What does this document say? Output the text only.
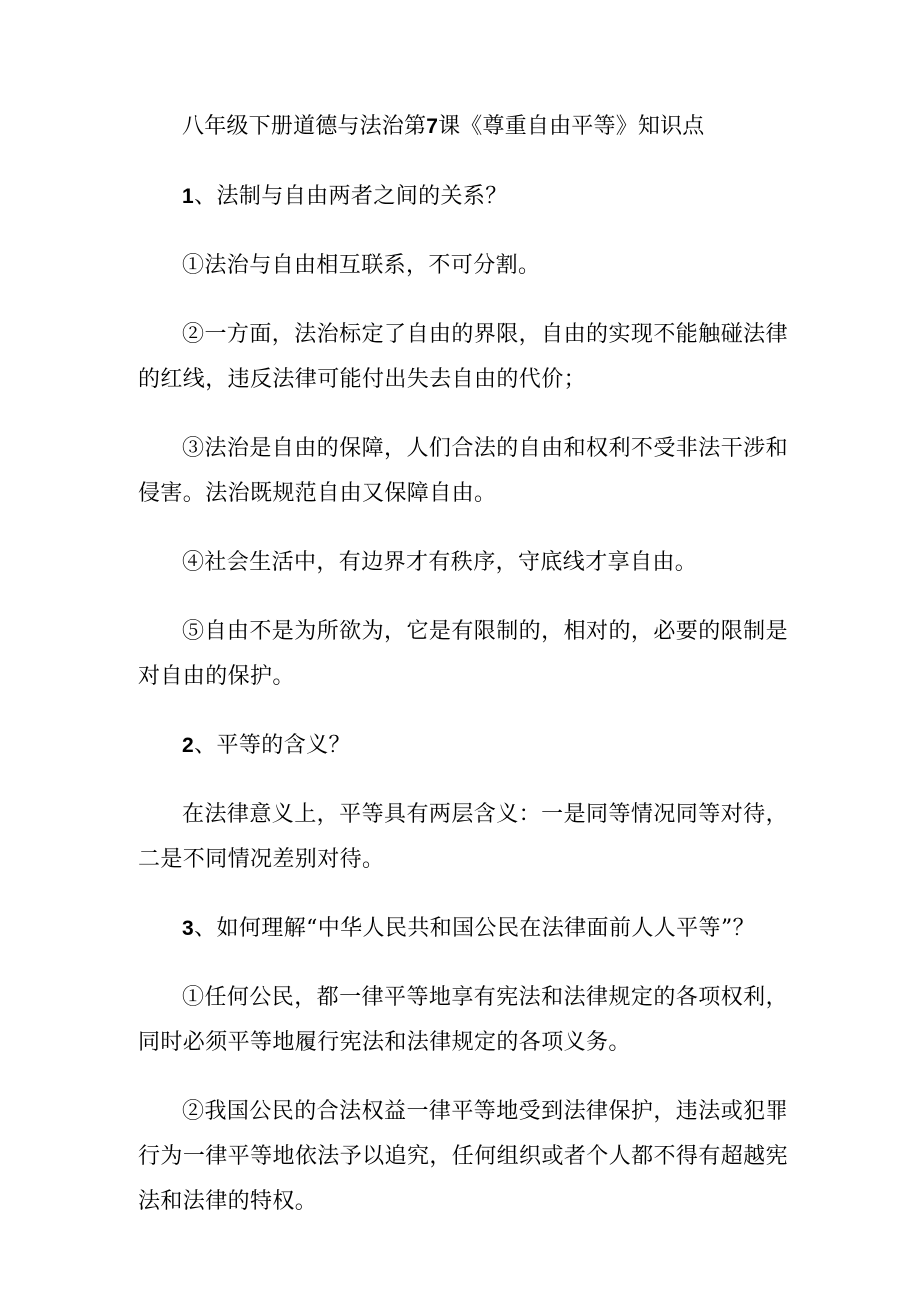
八年级下册道德与法治第7课《尊重自由平等》知识点

1、法制与自由两者之间的关系？

①法治与自由相互联系，不可分割。

②一方面，法治标定了自由的界限，自由的实现不能触碰法律的红线，违反法律可能付出失去自由的代价；

③法治是自由的保障，人们合法的自由和权利不受非法干涉和侵害。法治既规范自由又保障自由。

④社会生活中，有边界才有秩序，守底线才享自由。

⑤自由不是为所欲为，它是有限制的，相对的，必要的限制是对自由的保护。

2、平等的含义？

在法律意义上，平等具有两层含义：一是同等情况同等对待，二是不同情况差别对待。

3、如何理解“中华人民共和国公民在法律面前人人平等”？

①任何公民，都一律平等地享有宪法和法律规定的各项权利，同时必须平等地履行宪法和法律规定的各项义务。

②我国公民的合法权益一律平等地受到法律保护，违法或犯罪行为一律平等地依法予以追究，任何组织或者个人都不得有超越宪法和法律的特权。
